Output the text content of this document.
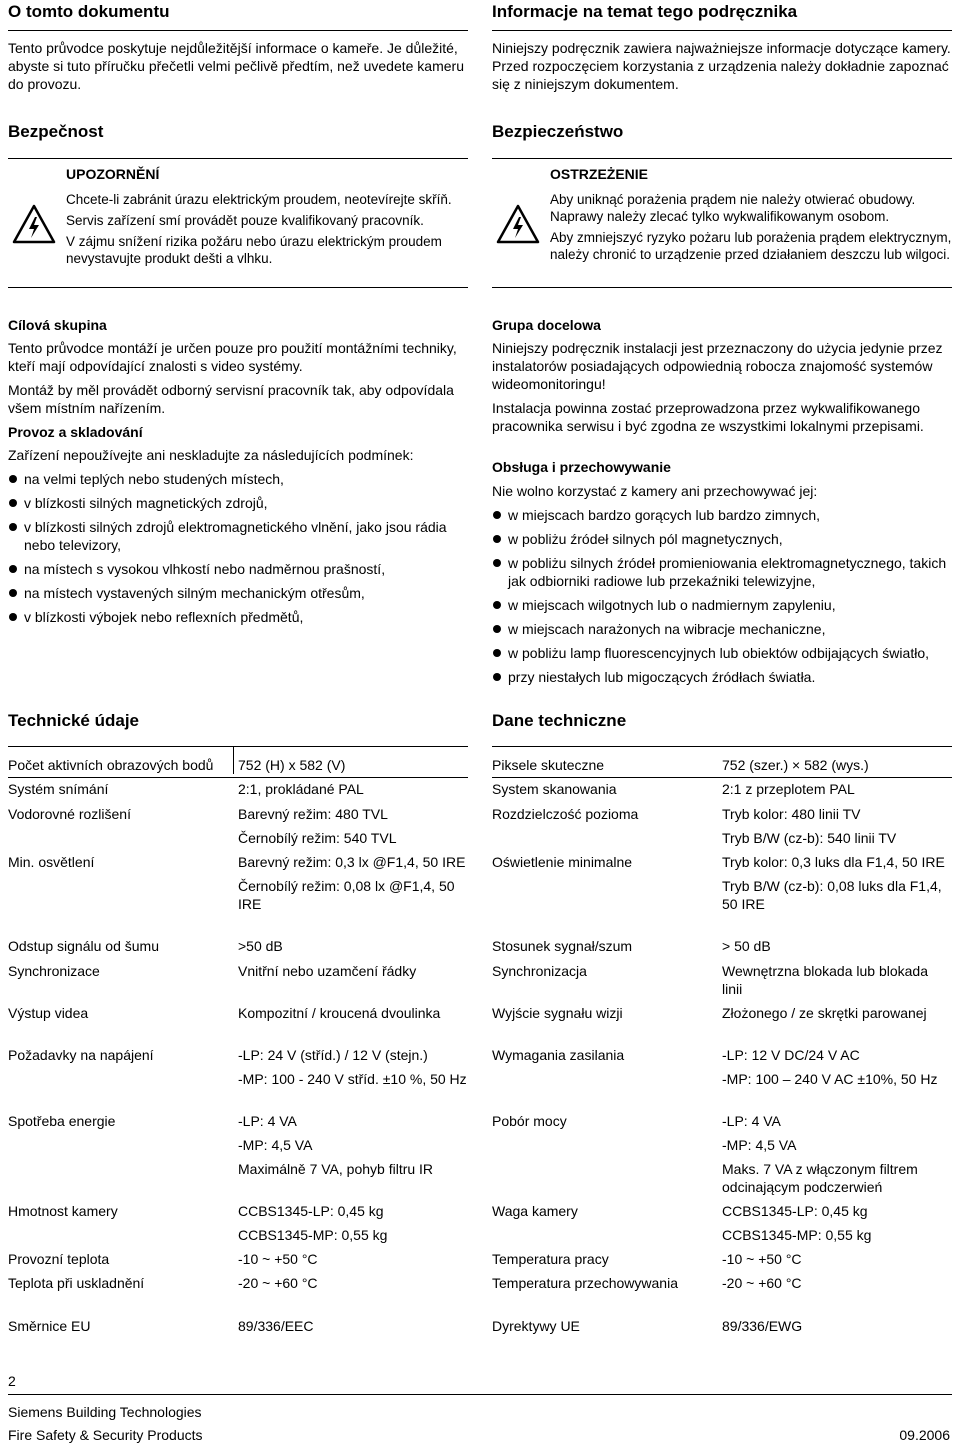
O tomto dokumentu
Tento průvodce poskytuje nejdůležitější informace o kameře. Je důležité, abyste si tuto příručku přečetli velmi pečlivě předtím, než uvedete kameru do provozu.
Bezpečnost
UPOZORNĚNÍ

Chcete-li zabránit úrazu elektrickým proudem, neotevírejte skříň.

Servis zařízení smí provádět pouze kvalifikovaný pracovník.

V zájmu snížení rizika požáru nebo úrazu elektrickým proudem nevystavujte produkt dešti a vlhku.

Cílová skupina
Tento průvodce montáží je určen pouze pro použití montážními techniky, kteří mají odpovídající znalosti s video systémy.
Montáž by měl provádět odborný servisní pracovník tak, aby odpovídala všem místním nařízením.
Provoz a skladování
Zařízení nepoužívejte ani neskladujte za následujících podmínek:
na velmi teplých nebo studených místech,
v blízkosti silných magnetických zdrojů,
v blízkosti silných zdrojů elektromagnetického vlnění, jako jsou rádia nebo televizory,
na místech s vysokou vlhkostí nebo nadměrnou prašností,
na místech vystavených silným mechanickým otřesům,
v blízkosti výbojek nebo reflexních předmětů,
Technické údaje
Počet aktivních obrazových bodů	752 (H) x 582 (V)
Systém snímání	2:1, prokládané PAL
Vodorovné rozlišení	Barevný režim: 480 TVL
Černobílý režim: 540 TVL
Min. osvětlení	Barevný režim: 0,3 lx @F1,4, 50 IRE
Černobílý režim: 0,08 lx @F1,4, 50 IRE
Odstup signálu od šumu	>50 dB
Synchronizace	Vnitřní nebo uzamčení řádky
Výstup videa	Kompozitní / kroucená dvoulinka
Požadavky na napájení	-LP: 24 V (stříd.) / 12 V (stejn.)
-MP: 100 - 240 V stříd. ±10 %, 50 Hz
Spotřeba energie	-LP: 4 VA
-MP: 4,5 VA
Maximálně 7 VA, pohyb filtru IR
Hmotnost kamery	CCBS1345-LP: 0,45 kg
CCBS1345-MP: 0,55 kg
Provozní teplota	-10 ~ +50 °C
Teplota při uskladnění	-20 ~ +60 °C
Směrnice EU	89/336/EEC
Informacje na temat tego podręcznika
Niniejszy podręcznik zawiera najważniejsze informacje dotyczące kamery. Przed rozpoczęciem korzystania z urządzenia należy dokładnie zapoznać się z niniejszym dokumentem.
Bezpieczeństwo
OSTRZEŻENIE

Aby uniknąć porażenia prądem nie należy otwierać obudowy. Naprawy należy zlecać tylko wykwalifikowanym osobom.

Aby zmniejszyć ryzyko pożaru lub porażenia prądem elektrycznym, należy chronić to urządzenie przed działaniem deszczu lub wilgoci.

Grupa docelowa
Niniejszy podręcznik instalacji jest przeznaczony do użycia jedynie przez instalatorów posiadających odpowiednią robocza znajomość systemów wideomonitoringu!
Instalacja powinna zostać przeprowadzona przez wykwalifikowanego pracownika serwisu i być zgodna ze wszystkimi lokalnymi przepisami.
Obsługa i przechowywanie
Nie wolno korzystać z kamery ani przechowywać jej:
w miejscach bardzo gorących lub bardzo zimnych,
w pobliżu źródeł silnych pól magnetycznych,
w pobliżu silnych źródeł promieniowania elektromagnetycznego, takich jak odbiorniki radiowe lub przekaźniki telewizyjne,
w miejscach wilgotnych lub o nadmiernym zapyleniu,
w miejscach narażonych na wibracje mechaniczne,
w pobliżu lamp fluorescencyjnych lub obiektów odbijających światło,
przy niestałych lub migoczących źródłach światła.
Dane techniczne
Piksele skuteczne	752 (szer.) × 582 (wys.)
System skanowania	2:1 z przeplotem PAL
Rozdzielczość pozioma	Tryb kolor: 480 linii TV
Tryb B/W (cz-b): 540 linii TV
Oświetlenie minimalne	Tryb kolor: 0,3 luks dla F1,4, 50 IRE
Tryb B/W (cz-b): 0,08 luks dla F1,4, 50 IRE
Stosunek sygnał/szum	> 50 dB
Synchronizacja	Wewnętrzna blokada lub blokada linii
Wyjście sygnału wizji	Złożonego / ze skrętki parowanej
Wymagania zasilania	-LP: 12 V DC/24 V AC
-MP: 100 – 240 V AC ±10%, 50 Hz
Pobór mocy	-LP: 4 VA
-MP: 4,5 VA
Maks. 7 VA z włączonym filtrem odcinającym podczerwień
Waga kamery	CCBS1345-LP: 0,45 kg
CCBS1345-MP: 0,55 kg
Temperatura pracy	-10 ~ +50 °C
Temperatura przechowywania	-20 ~ +60 °C
Dyrektywy UE	89/336/EWG
2
Siemens Building Technologies
Fire Safety & Security Products	09.2006
